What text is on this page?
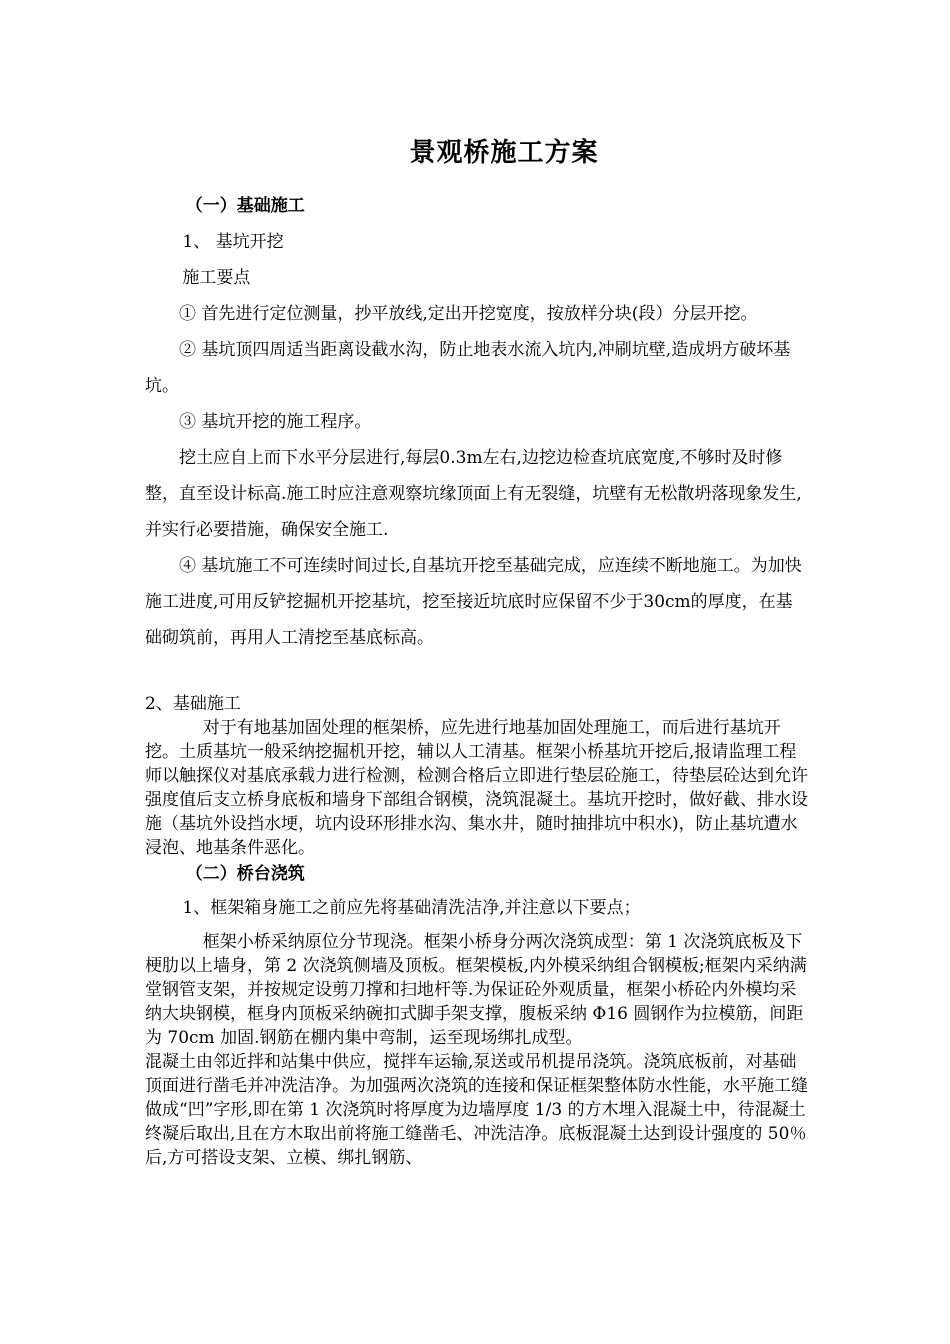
景观桥施工方案

（一）基础施工

1、 基坑开挖

施工要点

① 首先进行定位测量，抄平放线,定出开挖宽度，按放样分块(段）分层开挖。

② 基坑顶四周适当距离设截水沟，防止地表水流入坑内,冲刷坑壁,造成坍方破坏基坑。

③ 基坑开挖的施工程序。

挖土应自上而下水平分层进行,每层0.3m左右,边挖边检查坑底宽度,不够时及时修整，直至设计标高.施工时应注意观察坑缘顶面上有无裂缝，坑壁有无松散坍落现象发生,并实行必要措施，确保安全施工.

④ 基坑施工不可连续时间过长,自基坑开挖至基础完成，应连续不断地施工。为加快施工进度,可用反铲挖掘机开挖基坑，挖至接近坑底时应保留不少于30cm的厚度，在基础砌筑前，再用人工清挖至基底标高。

2、基础施工

对于有地基加固处理的框架桥，应先进行地基加固处理施工，而后进行基坑开挖。土质基坑一般采纳挖掘机开挖，辅以人工清基。框架小桥基坑开挖后,报请监理工程师以触探仪对基底承载力进行检测，检测合格后立即进行垫层砼施工，待垫层砼达到允许强度值后支立桥身底板和墙身下部组合钢模，浇筑混凝土。基坑开挖时，做好截、排水设施（基坑外设挡水埂，坑内设环形排水沟、集水井，随时抽排坑中积水)，防止基坑遭水浸泡、地基条件恶化。

（二）桥台浇筑

1、框架箱身施工之前应先将基础清洗洁净,并注意以下要点；

框架小桥采纳原位分节现浇。框架小桥身分两次浇筑成型：第 1 次浇筑底板及下梗肋以上墙身，第 2 次浇筑侧墙及顶板。框架模板,内外模采纳组合钢模板;框架内采纳满堂钢管支架，并按规定设剪刀撑和扫地杆等.为保证砼外观质量，框架小桥砼内外模均采纳大块钢模，框身内顶板采纳碗扣式脚手架支撑，腹板采纳 Φ16 圆钢作为拉模筋，间距为 70cm 加固.钢筋在棚内集中弯制，运至现场绑扎成型。

混凝土由邻近拌和站集中供应，搅拌车运输,泵送或吊机提吊浇筑。浇筑底板前，对基础顶面进行凿毛并冲洗洁净。为加强两次浇筑的连接和保证框架整体防水性能，水平施工缝做成“凹”字形,即在第 1 次浇筑时将厚度为边墙厚度 1/3 的方木埋入混凝土中，待混凝土终凝后取出,且在方木取出前将施工缝凿毛、冲洗洁净。底板混凝土达到设计强度的 50％后,方可搭设支架、立模、绑扎钢筋、
